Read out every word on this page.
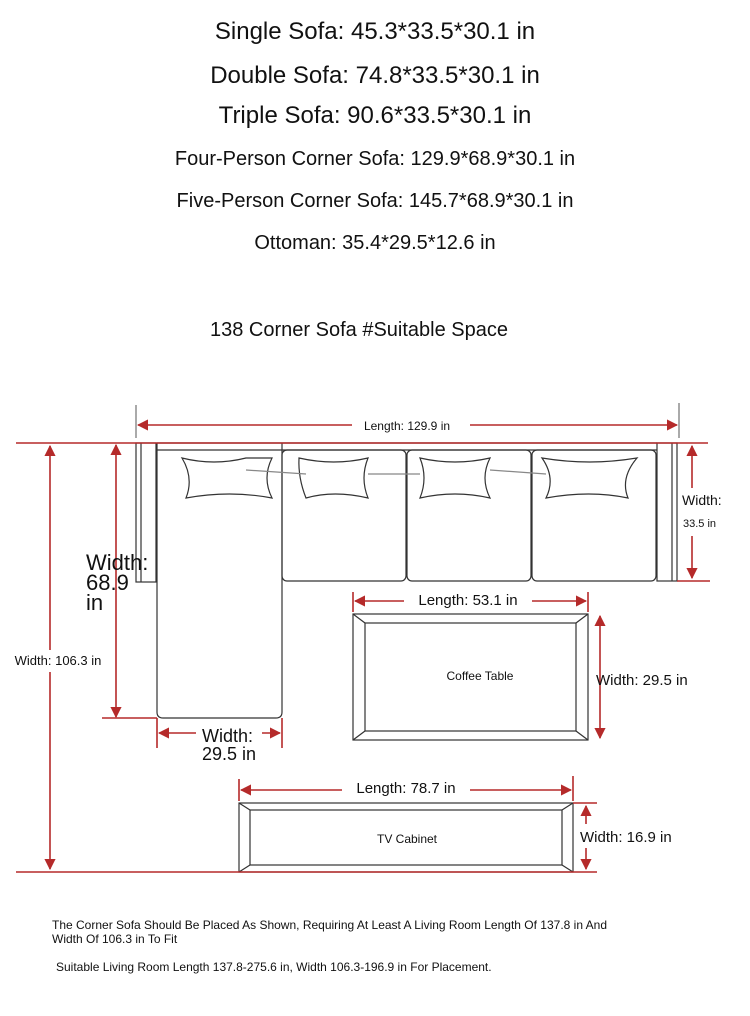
Single Sofa: 45.3*33.5*30.1 in
Double Sofa: 74.8*33.5*30.1 in
Triple Sofa: 90.6*33.5*30.1 in
Four-Person Corner Sofa: 129.9*68.9*30.1 in
Five-Person Corner Sofa: 145.7*68.9*30.1 in
Ottoman: 35.4*29.5*12.6 in
138 Corner Sofa #Suitable Space
Coffee Table
TV Cabinet
Length: 129.9 in
Width: 106.3 in
Width:
33.5 in
Width:
68.9
in
Width:
29.5 in
Length: 53.1 in
Width: 29.5 in
Length: 78.7 in
Width: 16.9 in
The Corner Sofa Should Be Placed As Shown, Requiring At Least A Living Room Length Of 137.8 in And
Width Of 106.3 in To Fit
Suitable Living Room Length 137.8-275.6 in, Width 106.3-196.9 in For Placement.
